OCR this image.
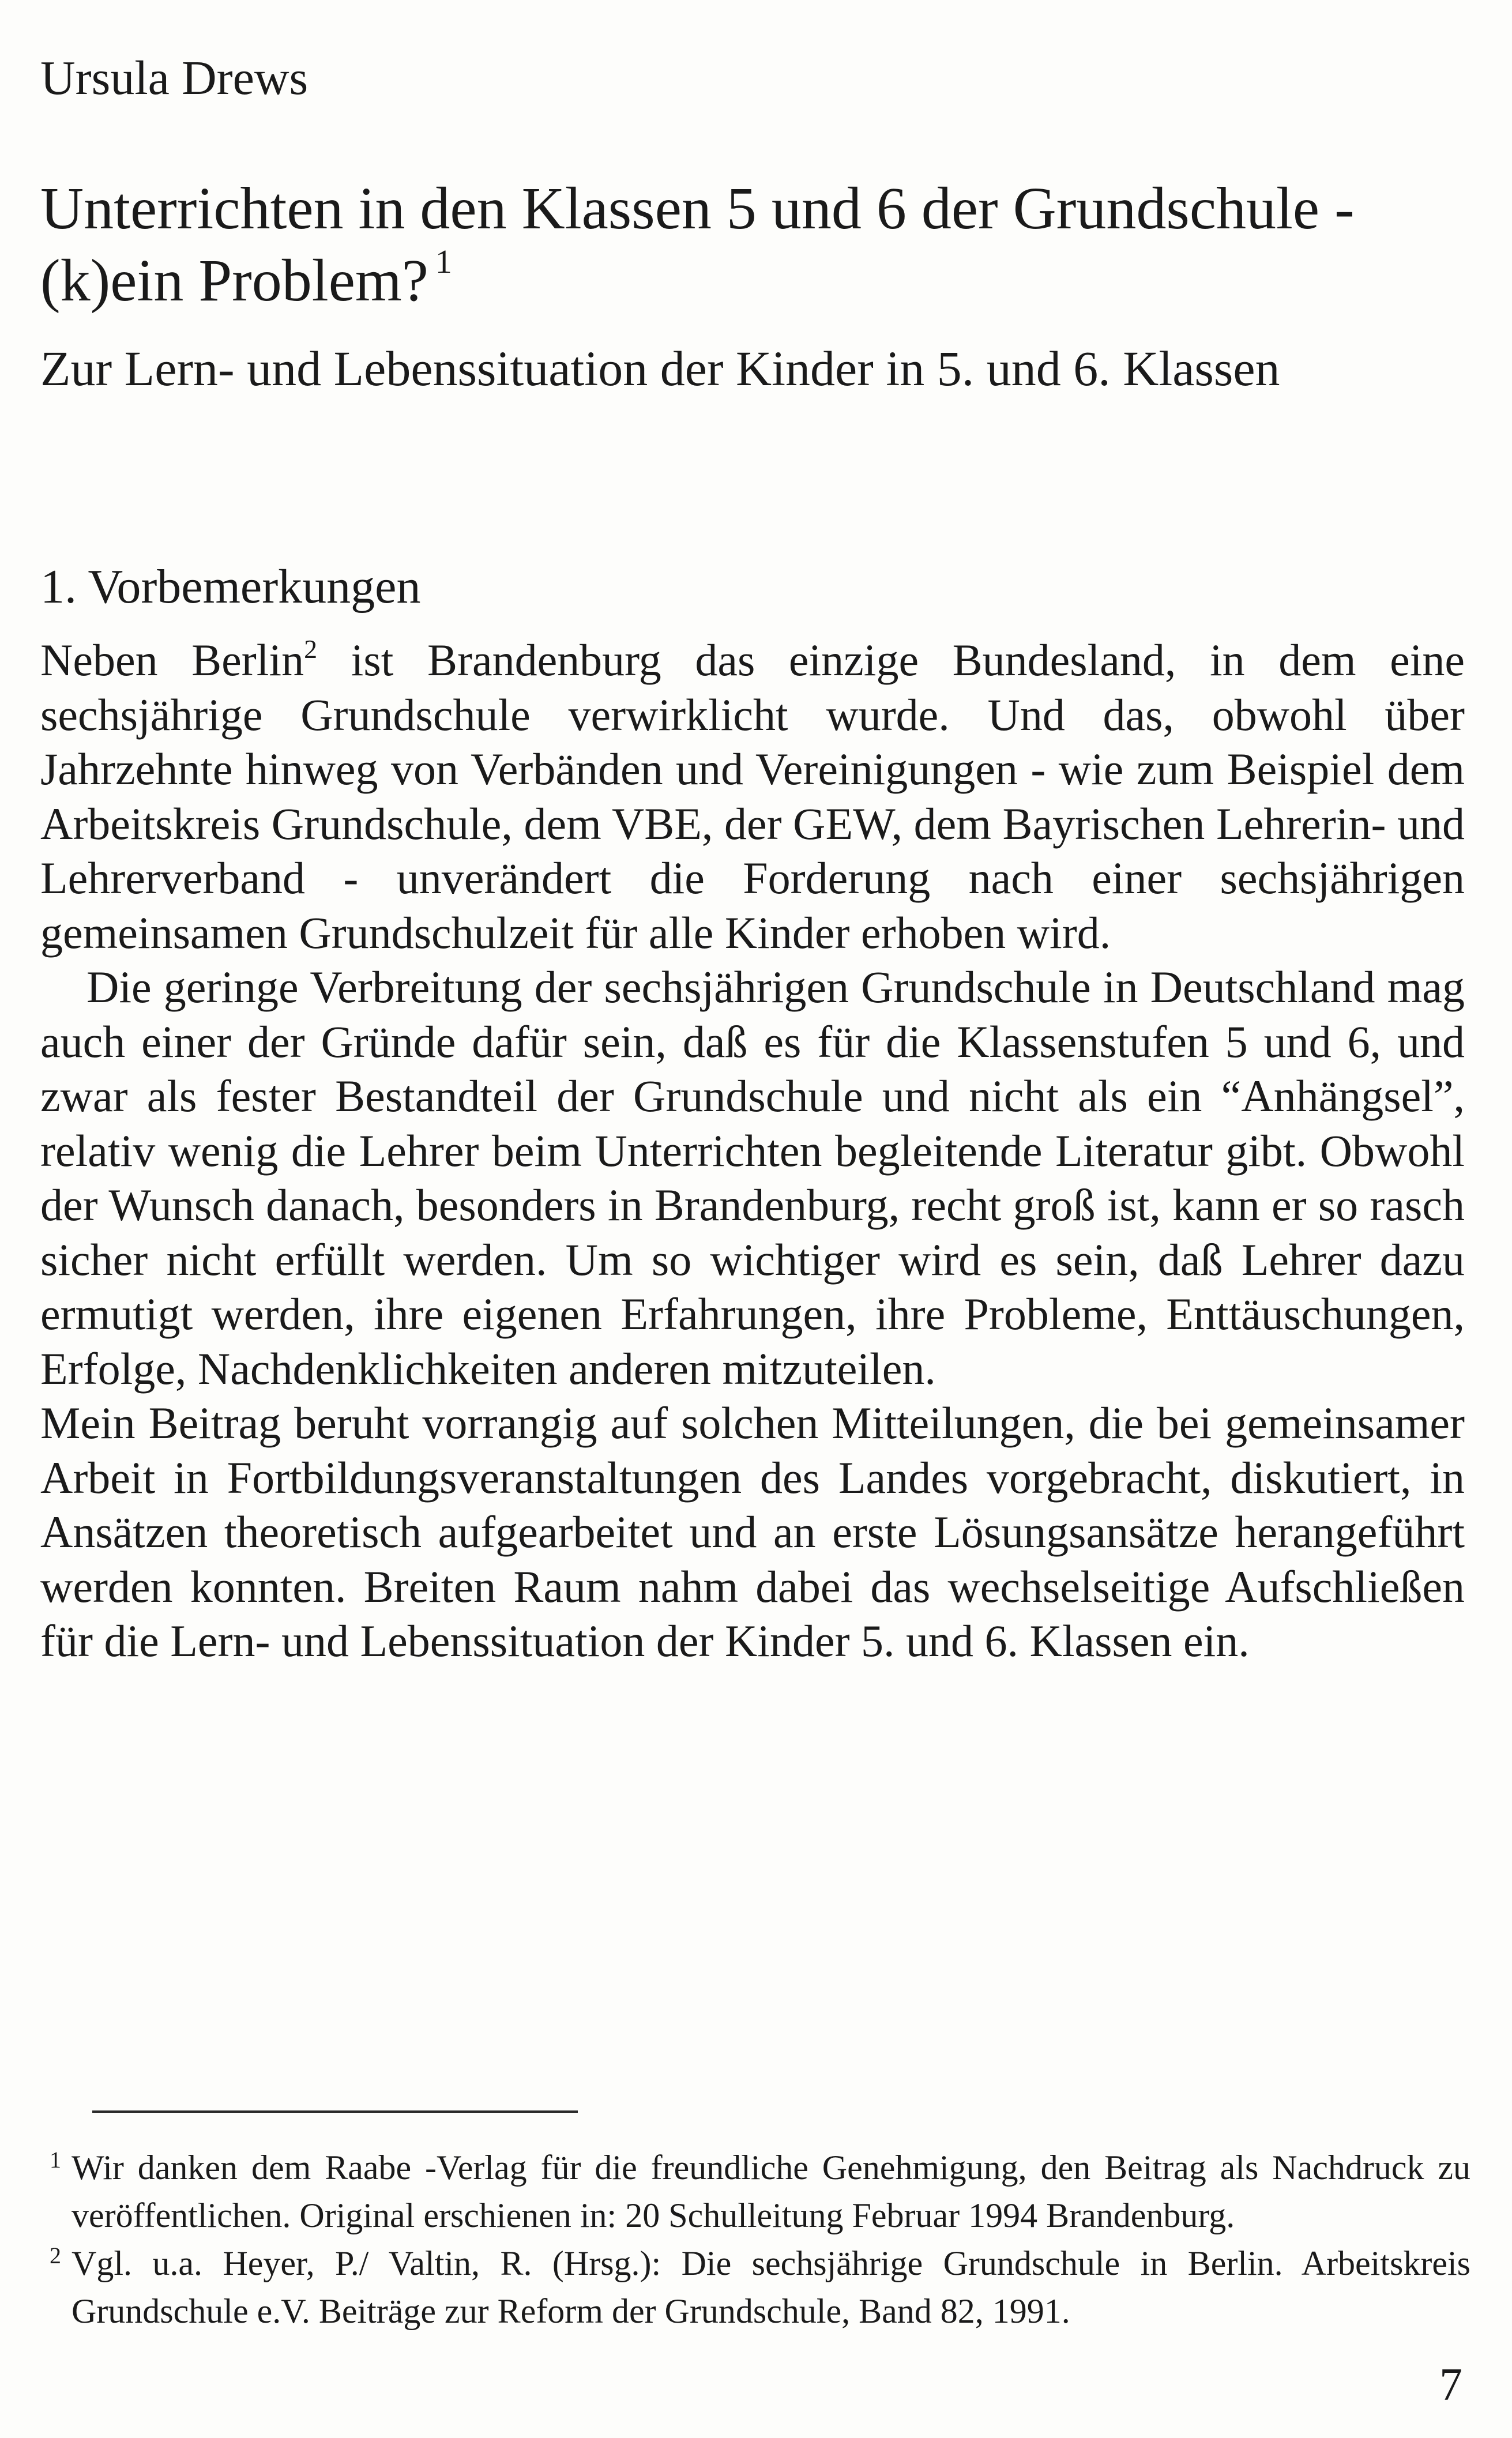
Ursula Drews
Unterrichten in den Klassen 5 und 6 der Grundschule -
(k)ein Problem? $^1$
Zur Lern- und Lebenssituation der Kinder in 5. und 6. Klassen
1. Vorbemerkungen

Neben Berlin$^2$ ist Brandenburg das einzige Bundesland, in dem eine sechsjährige Grundschule verwirklicht wurde. Und das, obwohl über Jahrzehnte hinweg von Verbänden und Vereinigungen - wie zum Beispiel dem Arbeitskreis Grundschule, dem VBE, der GEW, dem Bayrischen Lehrerin- und Lehrerverband - unverändert die Forderung nach einer sechsjährigen gemeinsamen Grundschulzeit für alle Kinder erhoben wird.

Die geringe Verbreitung der sechsjährigen Grundschule in Deutschland mag auch einer der Gründe dafür sein, daß es für die Klassenstufen 5 und 6, und zwar als fester Bestandteil der Grundschule und nicht als ein “Anhängsel”, relativ wenig die Lehrer beim Unterrichten begleitende Literatur gibt. Obwohl der Wunsch danach, besonders in Brandenburg, recht groß ist, kann er so rasch sicher nicht erfüllt werden. Um so wichtiger wird es sein, daß Lehrer dazu ermutigt werden, ihre eigenen Erfahrungen, ihre Probleme, Enttäuschungen, Erfolge, Nachdenklichkeiten anderen mitzuteilen.

Mein Beitrag beruht vorrangig auf solchen Mitteilungen, die bei gemeinsamer Arbeit in Fortbildungsveranstaltungen des Landes vorgebracht, diskutiert, in Ansätzen theoretisch aufgearbeitet und an erste Lösungsansätze herangeführt werden konnten. Breiten Raum nahm dabei das wechselseitige Aufschließen für die Lern- und Lebenssituation der Kinder 5. und 6. Klassen ein.

1 Wir danken dem Raabe -Verlag für die freundliche Genehmigung, den Beitrag als Nachdruck zu veröffentlichen. Original erschienen in: 20 Schulleitung Februar 1994 Brandenburg.

2 Vgl. u.a. Heyer, P./ Valtin, R. (Hrsg.): Die sechsjährige Grundschule in Berlin. Arbeitskreis Grundschule e.V. Beiträge zur Reform der Grundschule, Band 82, 1991.

7
